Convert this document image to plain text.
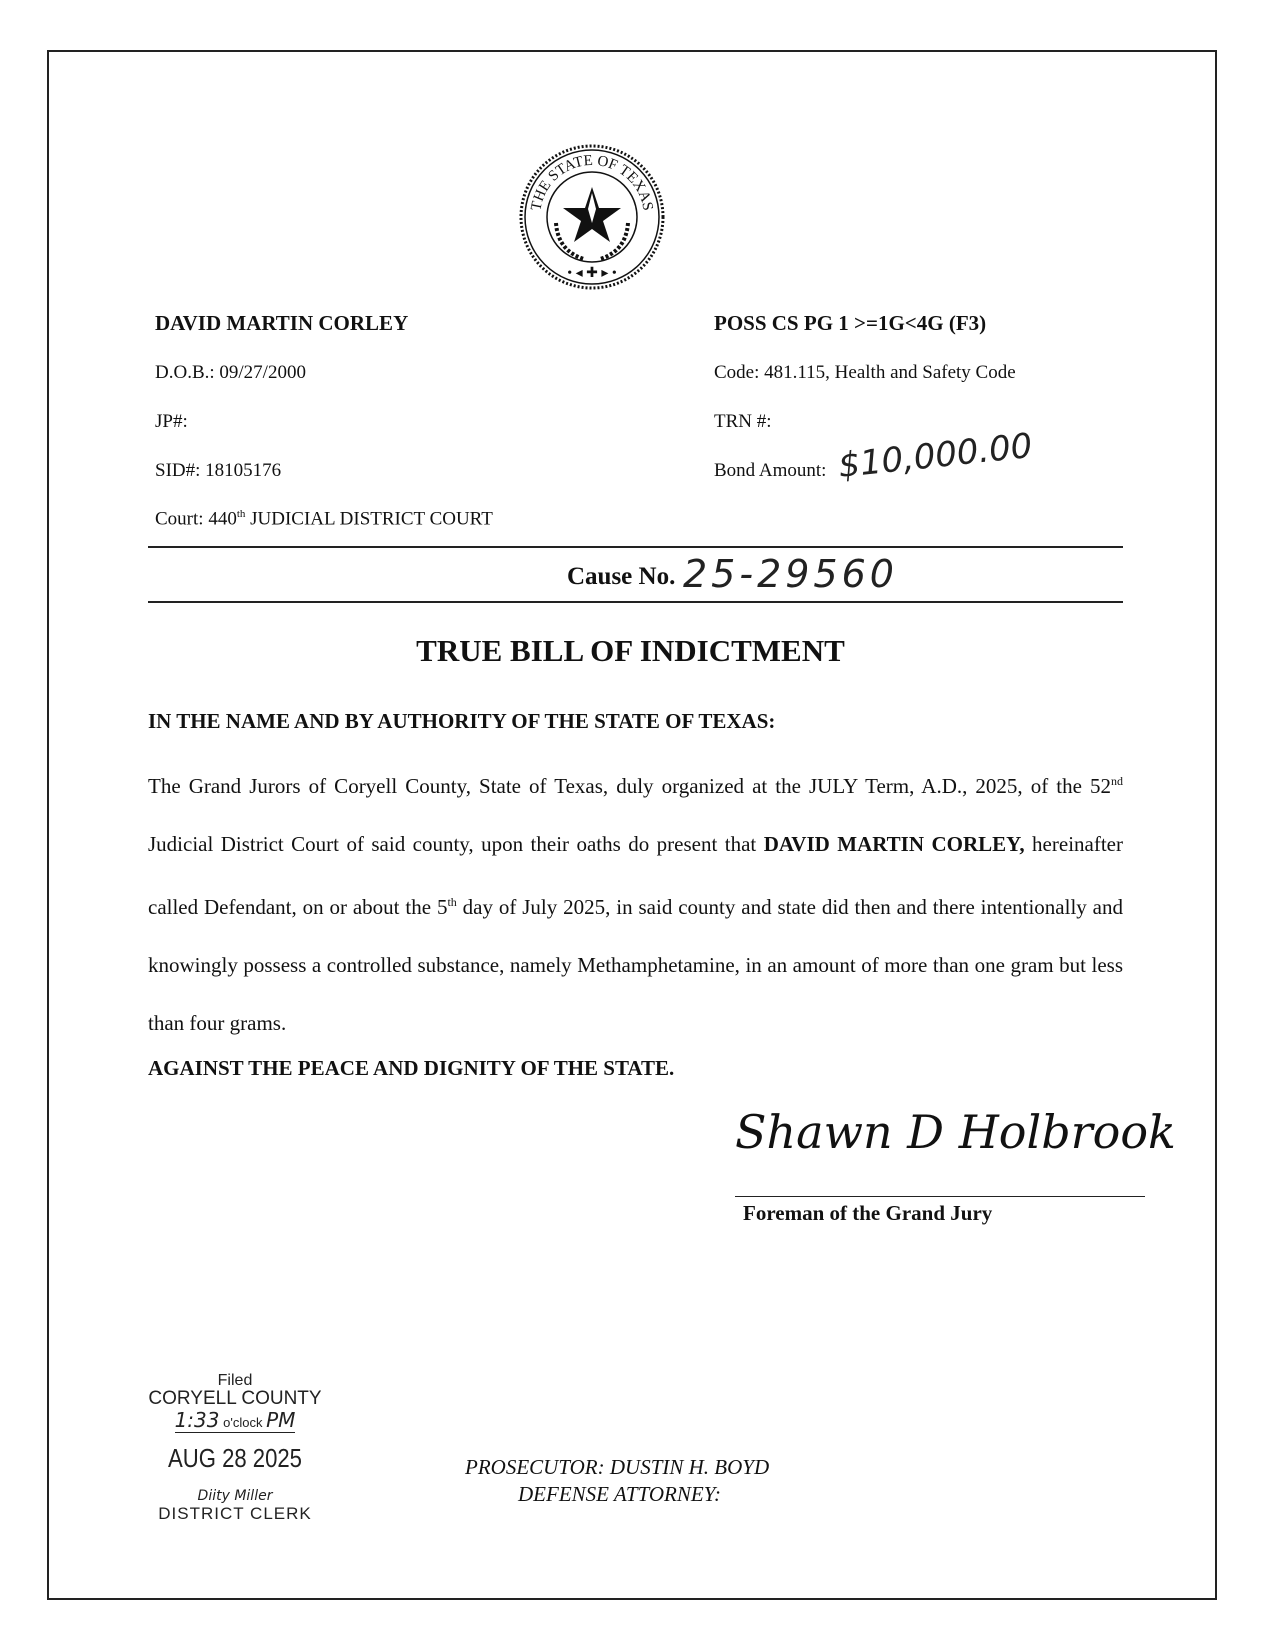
THE STATE OF TEXAS
• ◂ ✚ ▸ •
DAVID MARTIN CORLEY
D.O.B.: 09/27/2000
JP#:
SID#: 18105176
Court: 440th JUDICIAL DISTRICT COURT
POSS CS PG 1 >=1G<4G (F3)
Code: 481.115, Health and Safety Code
TRN #:
Bond Amount: $10,000.00
Cause No. 25-29560
TRUE BILL OF INDICTMENT
IN THE NAME AND BY AUTHORITY OF THE STATE OF TEXAS:
The Grand Jurors of Coryell County, State of Texas, duly organized at the JULY Term, A.D., 2025, of the 52nd Judicial District Court of said county, upon their oaths do present that DAVID MARTIN CORLEY, hereinafter called Defendant, on or about the 5th day of July 2025, in said county and state did then and there intentionally and knowingly possess a controlled substance, namely Methamphetamine, in an amount of more than one gram but less than four grams.
AGAINST THE PEACE AND DIGNITY OF THE STATE.
Shawn D Holbrook
Foreman of the Grand Jury
Filed
CORYELL COUNTY
1:33 o'clock PM
AUG 28 2025
Diity Miller
DISTRICT CLERK
PROSECUTOR: DUSTIN H. BOYD
DEFENSE ATTORNEY:
